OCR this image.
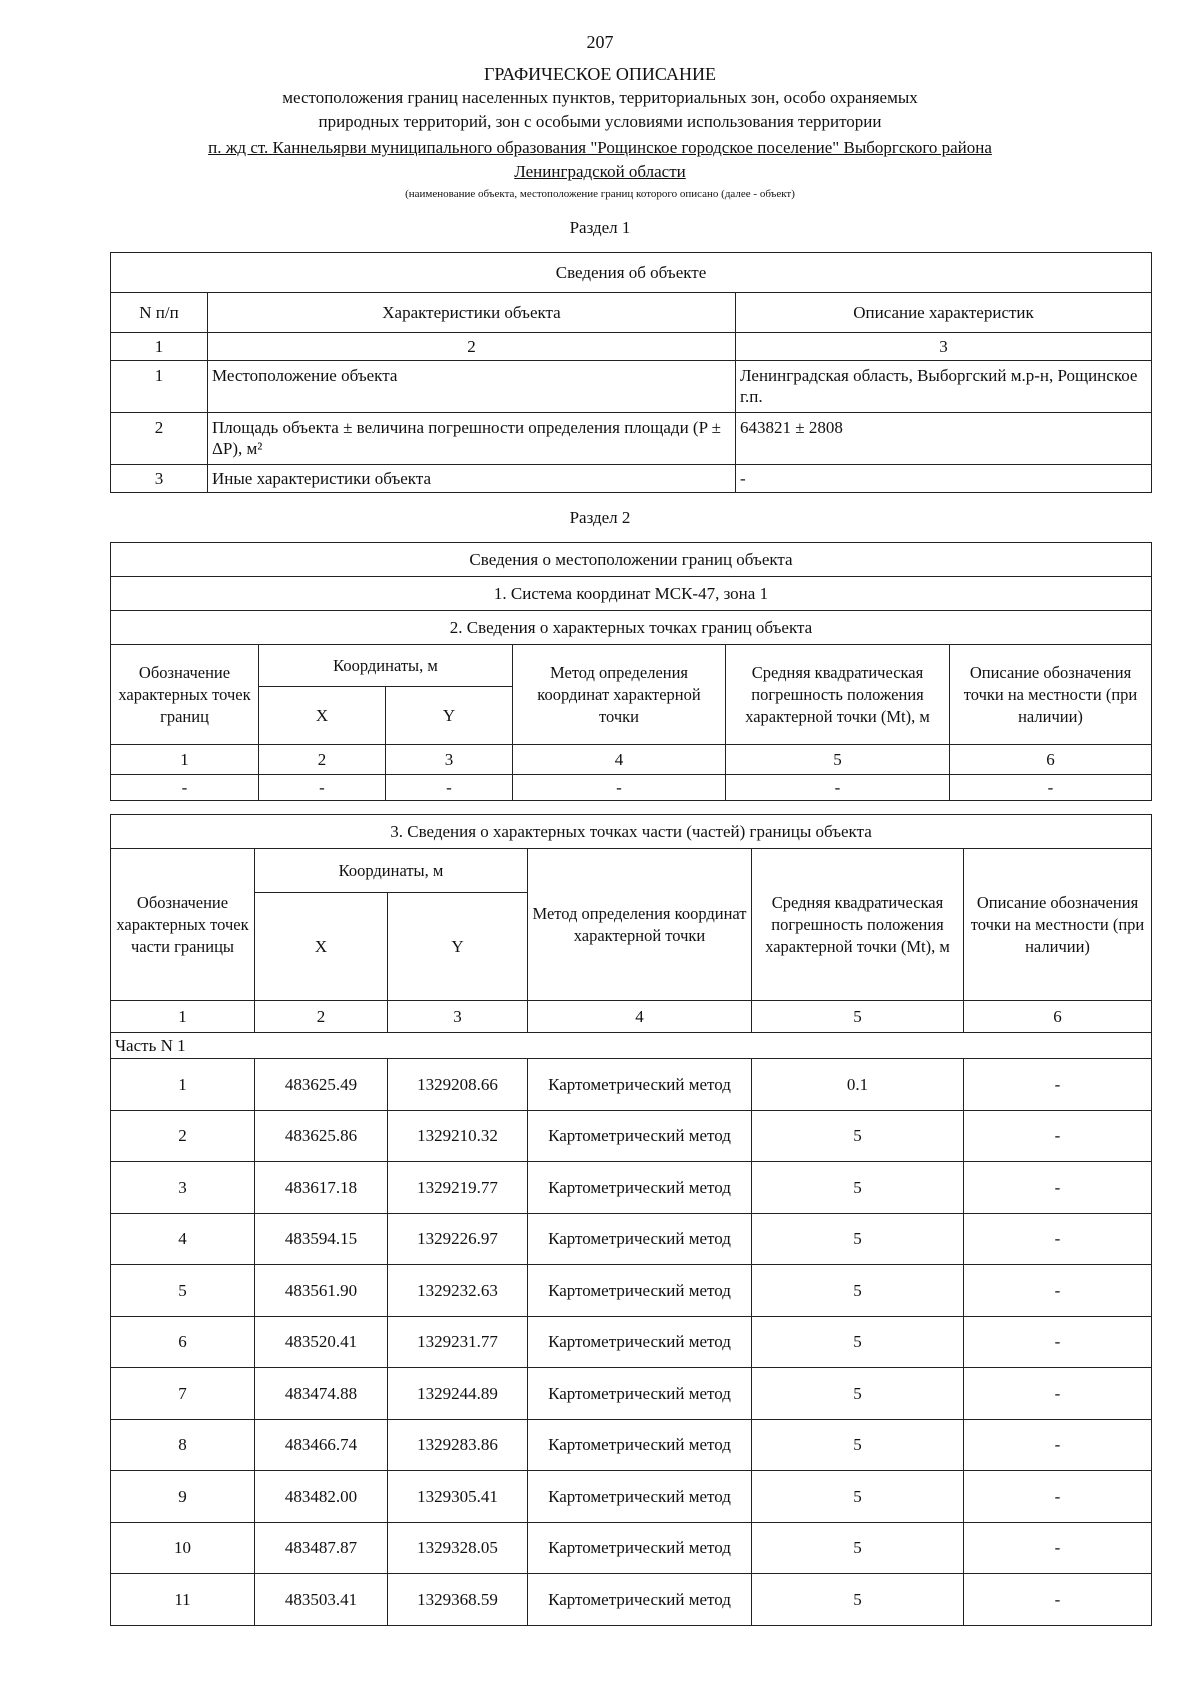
207
ГРАФИЧЕСКОЕ ОПИСАНИЕ
местоположения границ населенных пунктов, территориальных зон, особо охраняемых
природных территорий, зон с особыми условиями использования территории
п. жд ст. Каннельярви муниципального образования "Рощинское городское поселение" Выборгского района
Ленинградской области
(наименование объекта, местоположение границ которого описано (далее - объект)
Раздел 1
Сведения об объекте		
N п/п	Характеристики объекта	Описание характеристик
1	2	3
1	Местоположение объекта	Ленинградская область, Выборгский м.р-н, Рощинское г.п.
2	Площадь объекта ± величина погрешности определения площади (P ± ΔP), м²	643821 ± 2808
3	Иные характеристики объекта	-
Раздел 2
Сведения о местоположении границ объекта					
1. Система координат МСК-47, зона 1					
2. Сведения о характерных точках границ объекта					
Обозначение характерных точек границ	Координаты, м		Метод определения координат характерной точки	Средняя квадратическая погрешность положения характерной точки (Mt), м	Описание обозначения точки на местности (при наличии)
	X	Y			
1	2	3	4	5	6
-	-	-	-	-	-
3. Сведения о характерных точках части (частей) границы объекта					
Обозначение характерных точек части границы	Координаты, м		Метод определения координат характерной точки	Средняя квадратическая погрешность положения характерной точки (Mt), м	Описание обозначения точки на местности (при наличии)
	X	Y			
1	2	3	4	5	6
Часть N 1					
1	483625.49	1329208.66	Картометрический метод	0.1	-
2	483625.86	1329210.32	Картометрический метод	5	-
3	483617.18	1329219.77	Картометрический метод	5	-
4	483594.15	1329226.97	Картометрический метод	5	-
5	483561.90	1329232.63	Картометрический метод	5	-
6	483520.41	1329231.77	Картометрический метод	5	-
7	483474.88	1329244.89	Картометрический метод	5	-
8	483466.74	1329283.86	Картометрический метод	5	-
9	483482.00	1329305.41	Картометрический метод	5	-
10	483487.87	1329328.05	Картометрический метод	5	-
11	483503.41	1329368.59	Картометрический метод	5	-
